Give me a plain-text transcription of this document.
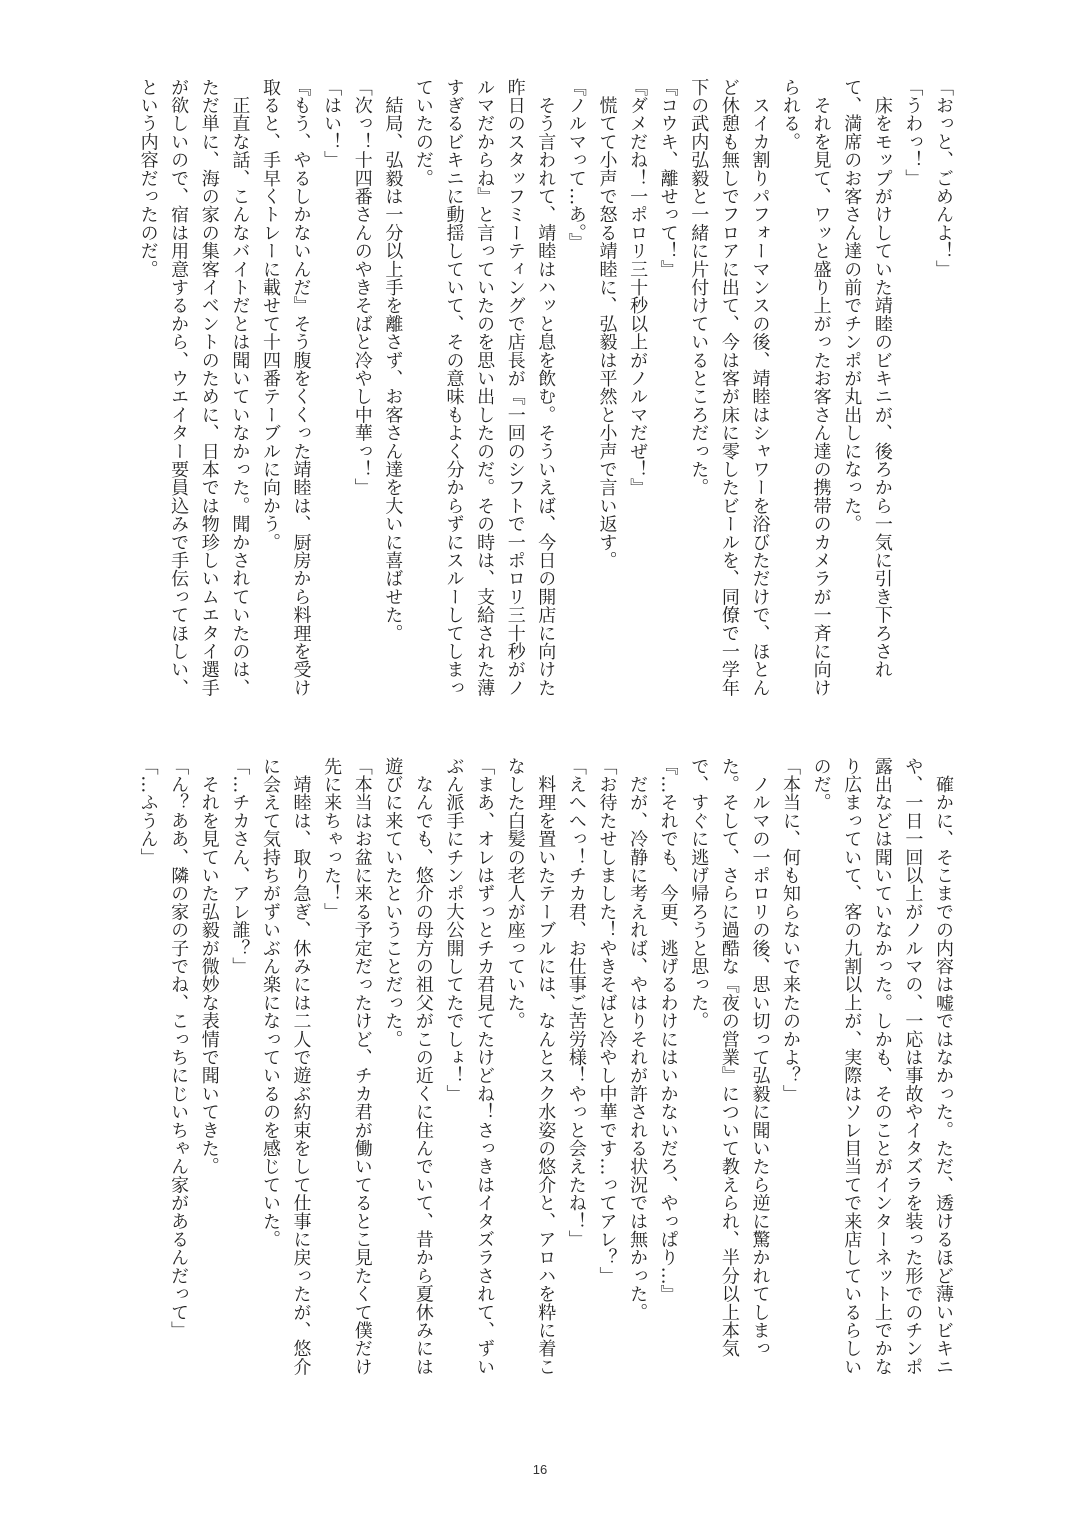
「おっと、ごめんよ！」
「うわっ！」
　床をモップがけしていた靖睦のビキニが、後ろから一気に引き下ろされ
て、満席のお客さん達の前でチンポが丸出しになった。
　それを見て、ワッと盛り上がったお客さん達の携帯のカメラが一斉に向け
られる。
　スイカ割りパフォーマンスの後、靖睦はシャワーを浴びただけで、ほとん
ど休憩も無しでフロアに出て、今は客が床に零したビールを、同僚で一学年
下の武内弘毅と一緒に片付けているところだった。
『コウキ、離せって！』
『ダメだね！一ポロリ三十秒以上がノルマだぜ！』
　慌てて小声で怒る靖睦に、弘毅は平然と小声で言い返す。
『ノルマって…あ。』
　そう言われて、靖睦はハッと息を飲む。そういえば、今日の開店に向けた
昨日のスタッフミーティングで店長が『一回のシフトで一ポロリ三十秒がノ
ルマだからね』と言っていたのを思い出したのだ。その時は、支給された薄
すぎるビキニに動揺していて、その意味もよく分からずにスルーしてしまっ
ていたのだ。
　結局、弘毅は一分以上手を離さず、お客さん達を大いに喜ばせた。
「次っ！十四番さんのやきそばと冷やし中華っ！」
「はい！」
『もう、やるしかないんだ』そう腹をくくった靖睦は、厨房から料理を受け
取ると、手早くトレーに載せて十四番テーブルに向かう。
　正直な話、こんなバイトだとは聞いていなかった。聞かされていたのは、
ただ単に、海の家の集客イベントのために、日本では物珍しいムエタイ選手
が欲しいので、宿は用意するから、ウエイター要員込みで手伝ってほしい、
という内容だったのだ。
　確かに、そこまでの内容は嘘ではなかった。ただ、透けるほど薄いビキニ
や、一日一回以上がノルマの、一応は事故やイタズラを装った形でのチンポ
露出などは聞いていなかった。しかも、そのことがインターネット上でかな
り広まっていて、客の九割以上が、実際はソレ目当てで来店しているらしい
のだ。
「本当に、何も知らないで来たのかよ？」
　ノルマの一ポロリの後、思い切って弘毅に聞いたら逆に驚かれてしまっ
た。そして、さらに過酷な『夜の営業』について教えられ、半分以上本気
で、すぐに逃げ帰ろうと思った。
『…それでも、今更、逃げるわけにはいかないだろ、やっぱり…』
　だが、冷静に考えれば、やはりそれが許される状況では無かった。
「お待たせしました！やきそばと冷やし中華です…ってアレ？」
「えへへっ！チカ君、お仕事ご苦労様！やっと会えたね！」
　料理を置いたテーブルには、なんとスク水姿の悠介と、アロハを粋に着こ
なした白髪の老人が座っていた。
「まあ、オレはずっとチカ君見てたけどね！さっきはイタズラされて、ずい
ぶん派手にチンポ大公開してたでしょ！」
　なんでも、悠介の母方の祖父がこの近くに住んでいて、昔から夏休みには
遊びに来ていたということだった。
「本当はお盆に来る予定だったけど、チカ君が働いてるとこ見たくて僕だけ
先に来ちゃった！」
　靖睦は、取り急ぎ、休みには二人で遊ぶ約束をして仕事に戻ったが、悠介
に会えて気持ちがずいぶん楽になっているのを感じていた。
「…チカさん、アレ誰？」
　それを見ていた弘毅が微妙な表情で聞いてきた。
「ん？ああ、隣の家の子でね、こっちにじいちゃん家があるんだって」
「…ふうん」
16
